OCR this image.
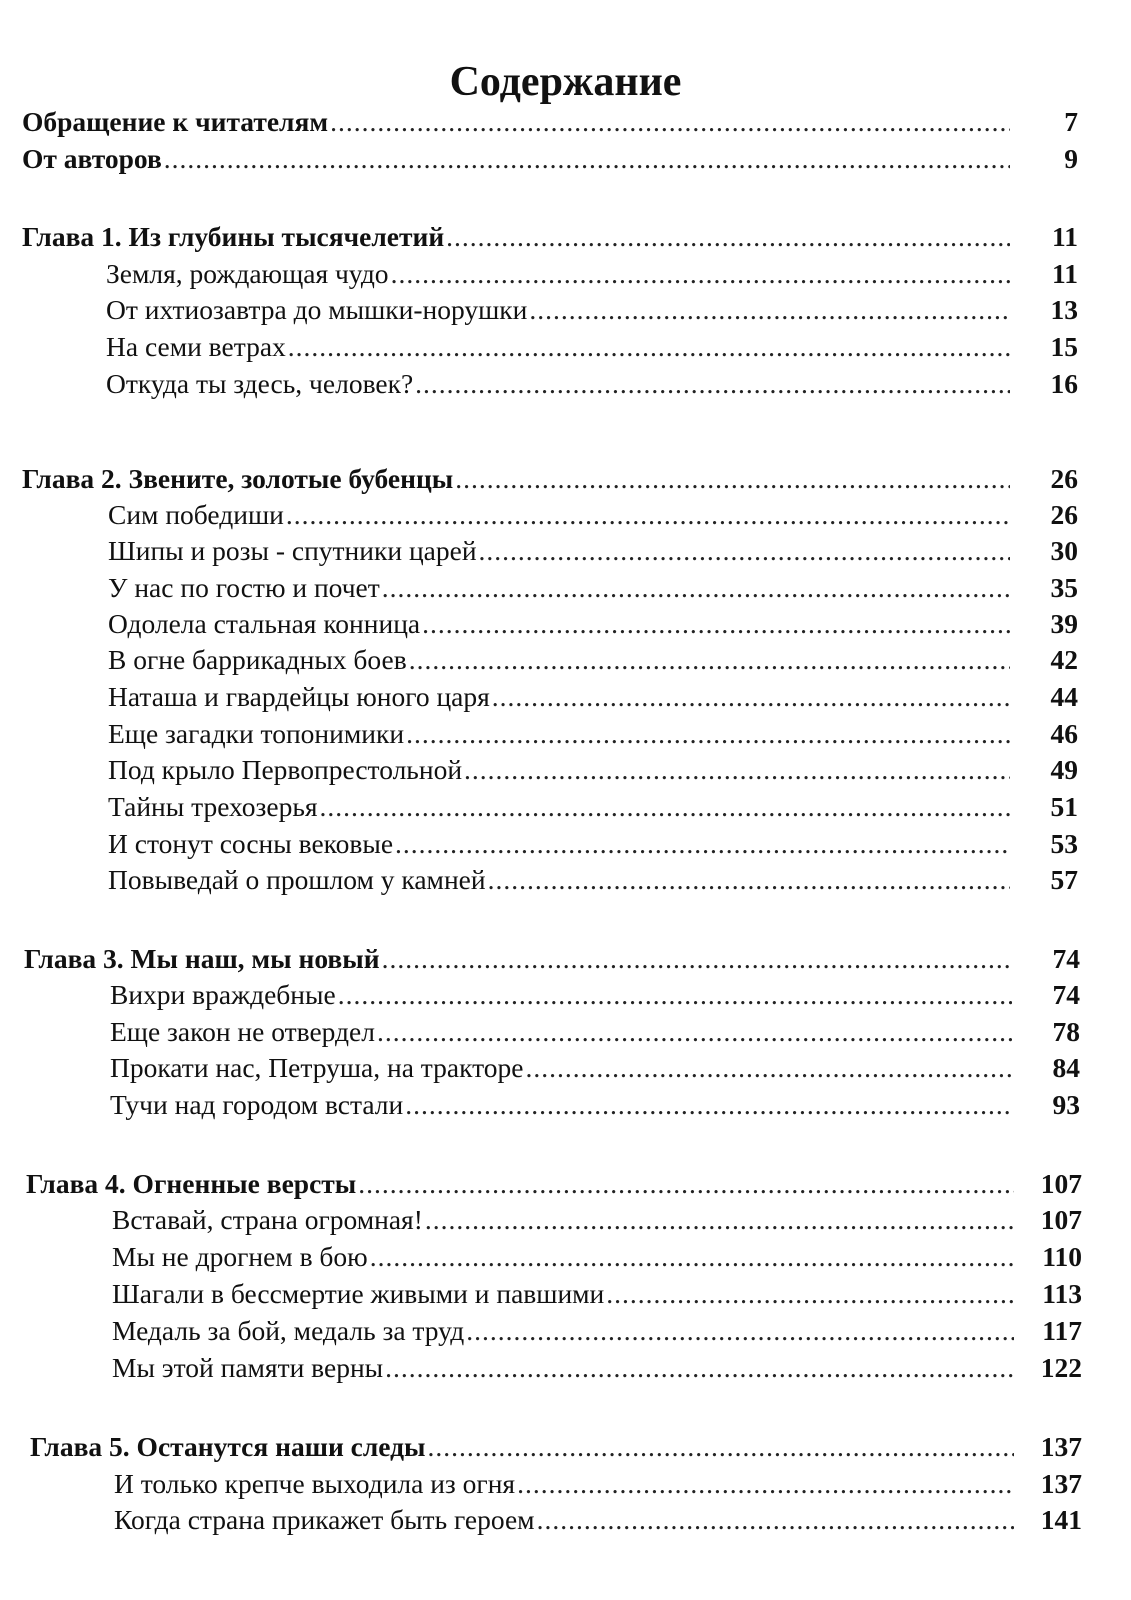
Содержание
Обращение к читателям .....	7
От авторов .....	9
Глава 1. Из глубины тысячелетий .....	11
Земля, рождающая чудо .....	11
От ихтиозавтра до мышки-норушки .....	13
На семи ветрах .....	15
Откуда ты здесь, человек? .....	16
Глава 2. Звените, золотые бубенцы .....	26
Сим победиши .....	26
Шипы и розы - спутники царей .....	30
У нас по гостю и почет .....	35
Одолела стальная конница .....	39
В огне баррикадных боев .....	42
Наташа и гвардейцы юного царя .....	44
Еще загадки топонимики .....	46
Под крыло Первопрестольной .....	49
Тайны трехозерья .....	51
И стонут сосны вековые .....	53
Повыведай о прошлом у камней .....	57
Глава 3. Мы наш, мы новый .....	74
Вихри враждебные .....	74
Еще закон не отвердел .....	78
Прокати нас, Петруша, на тракторе .....	84
Тучи над городом встали .....	93
Глава 4. Огненные версты .....	107
Вставай, страна огромная! .....	107
Мы не дрогнем в бою .....	110
Шагали в бессмертие живыми и павшими .....	113
Медаль за бой, медаль за труд .....	117
Мы этой памяти верны .....	122
Глава 5. Останутся наши следы .....	137
И только крепче выходила из огня .....	137
Когда страна прикажет быть героем .....	141
